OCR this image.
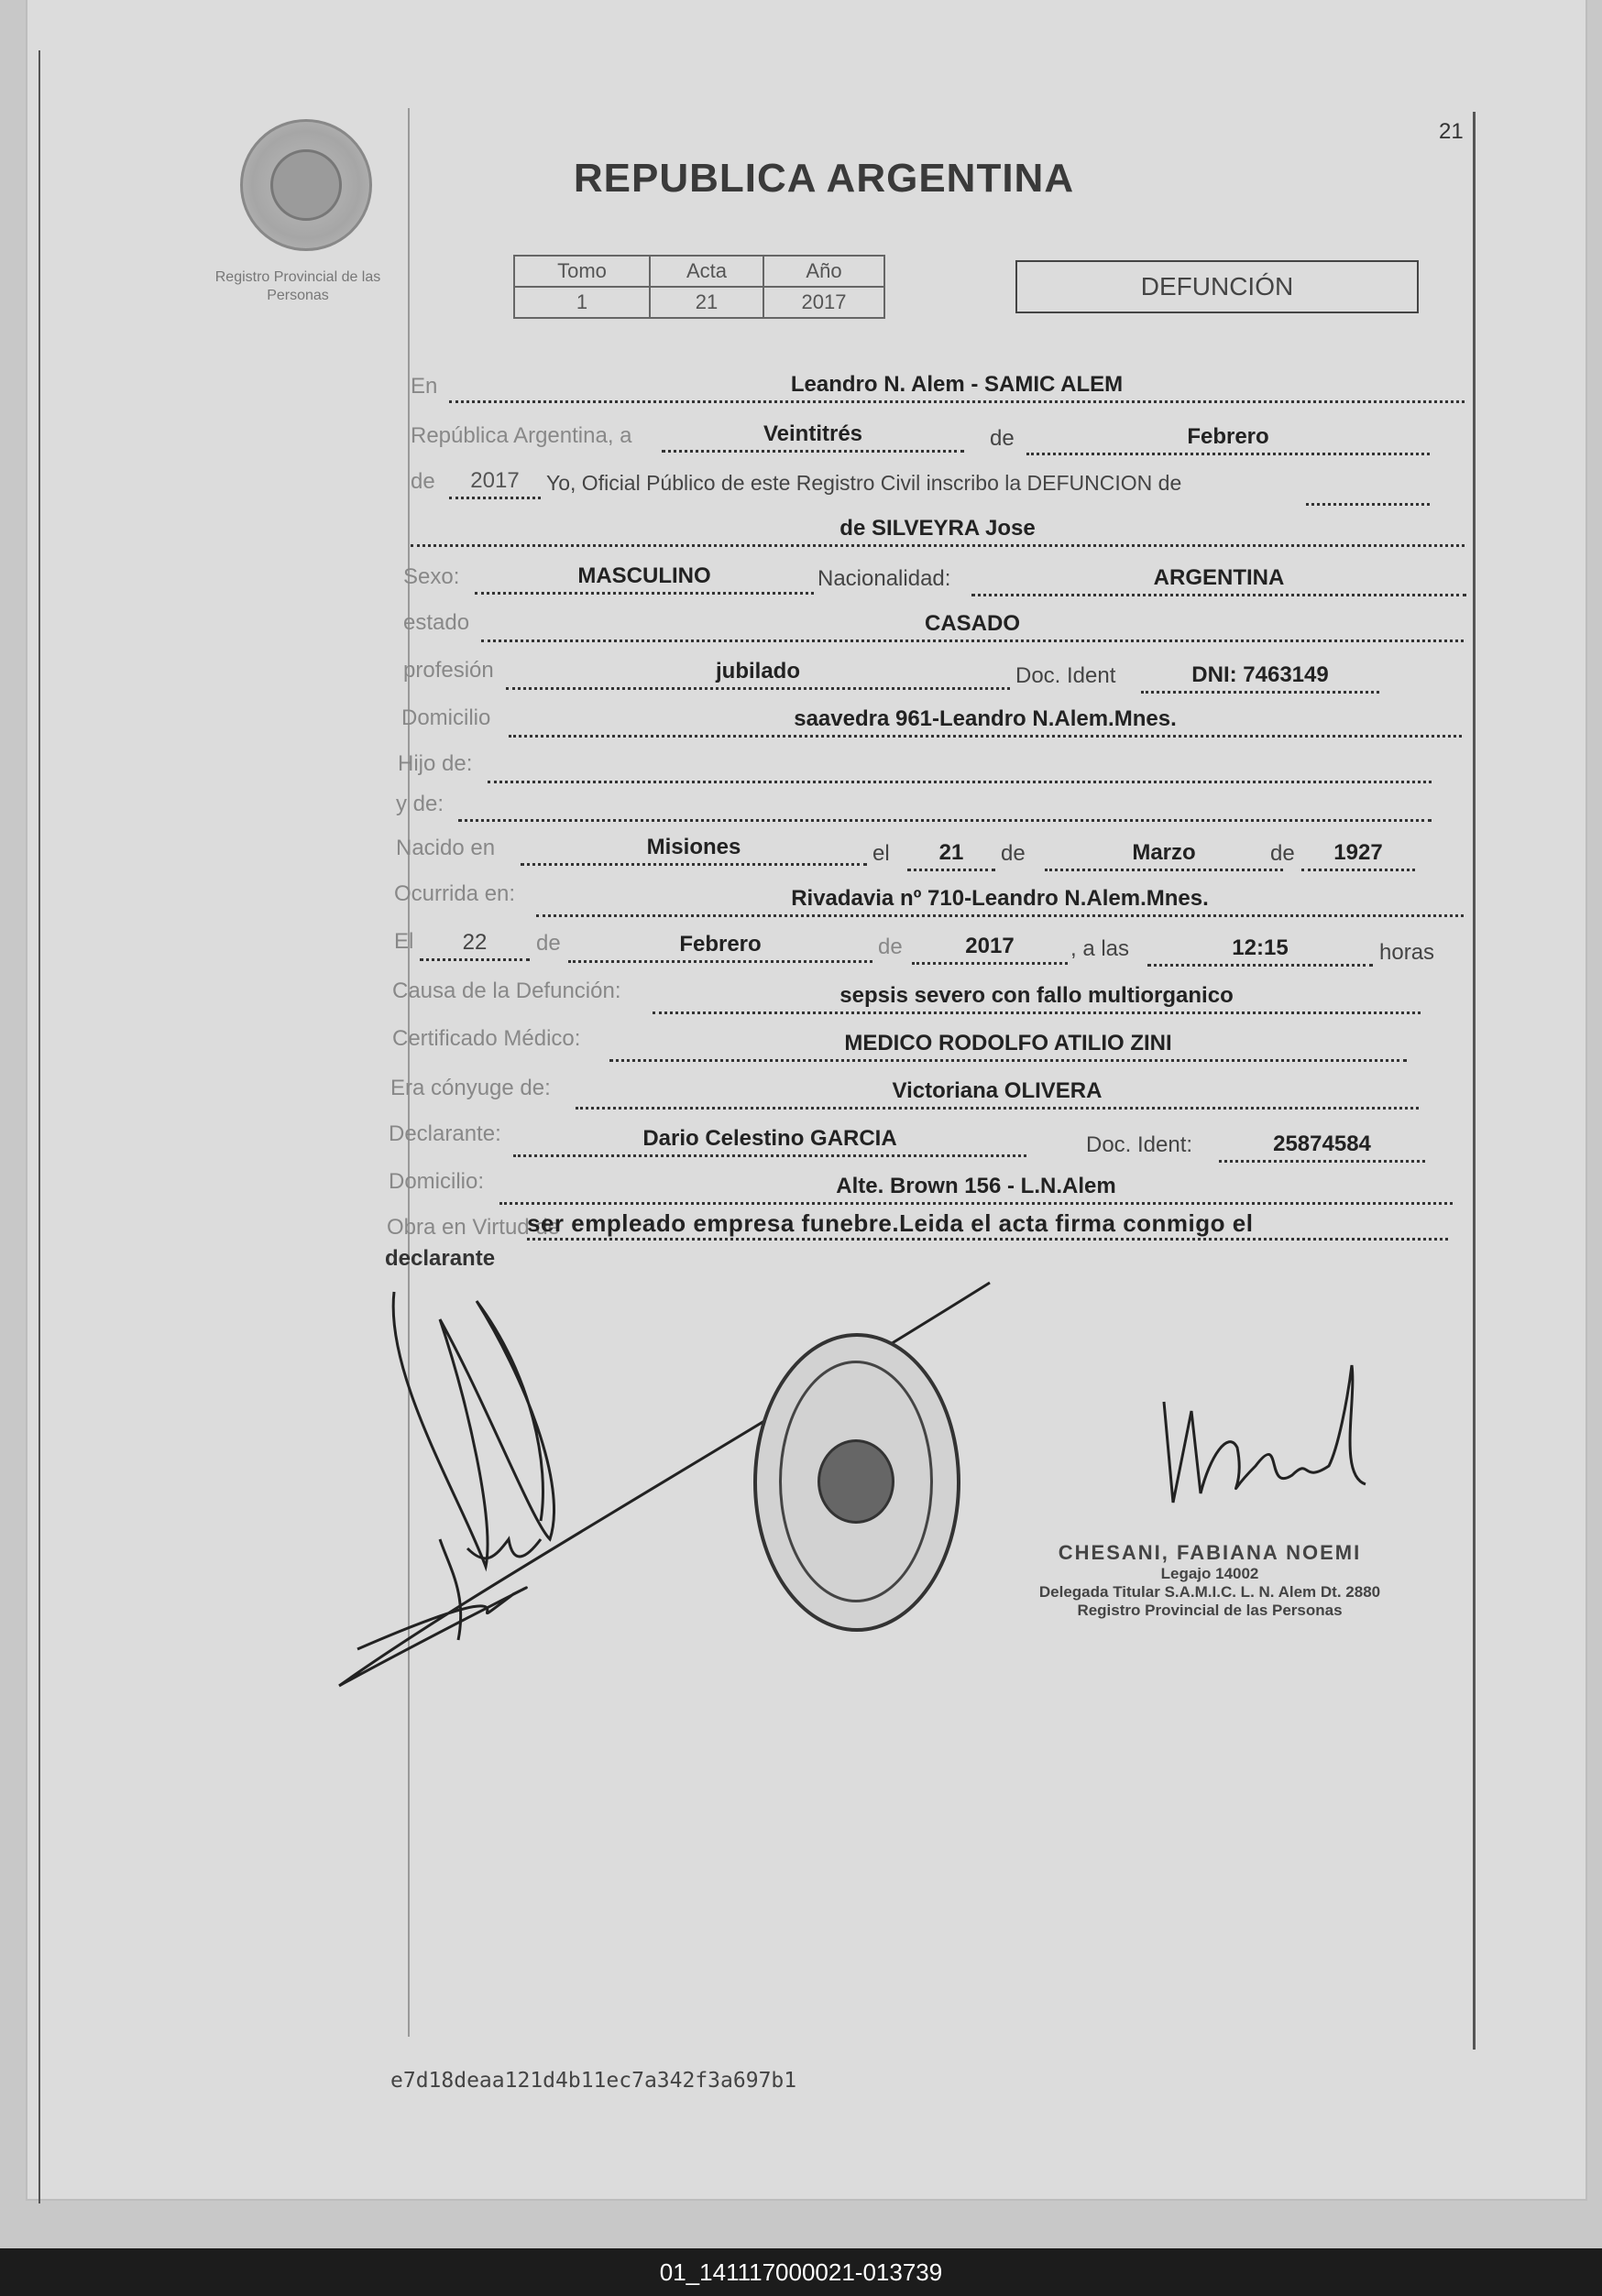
21
Registro Provincial de las Personas
REPUBLICA ARGENTINA
Tomo	Acta	Año
1	21	2017
DEFUNCIÓN
En	Leandro N. Alem - SAMIC ALEM
República Argentina, a	Veintitrés	de	Febrero
de	2017	Yo, Oficial Público de este Registro Civil inscribo la DEFUNCION de
de SILVEYRA Jose
Sexo:	MASCULINO	Nacionalidad:	ARGENTINA
estado	CASADO
profesión	jubilado	Doc. Ident	DNI: 7463149
Domicilio	saavedra 961-Leandro N.Alem.Mnes.
Hijo de:
y de:
Nacido en	Misiones	el	21	de	Marzo	de	1927
Ocurrida en:	Rivadavia nº 710-Leandro N.Alem.Mnes.
El	22	de	Febrero	de	2017	, a las	12:15	horas
Causa de la Defunción:	sepsis severo con fallo multiorganico
Certificado Médico:	MEDICO RODOLFO ATILIO ZINI
Era cónyuge de:	Victoriana OLIVERA
Declarante:	Dario Celestino GARCIA	Doc. Ident:	25874584
Domicilio:	Alte. Brown 156 - L.N.Alem
Obra en Virtud de
ser empleado empresa funebre.Leida el acta firma conmigo el
declarante
CHESANI, FABIANA NOEMI
Legajo 14002
Delegada Titular S.A.M.I.C. L. N. Alem Dt. 2880
Registro Provincial de las Personas
e7d18deaa121d4b11ec7a342f3a697b1
01_141117000021-013739
